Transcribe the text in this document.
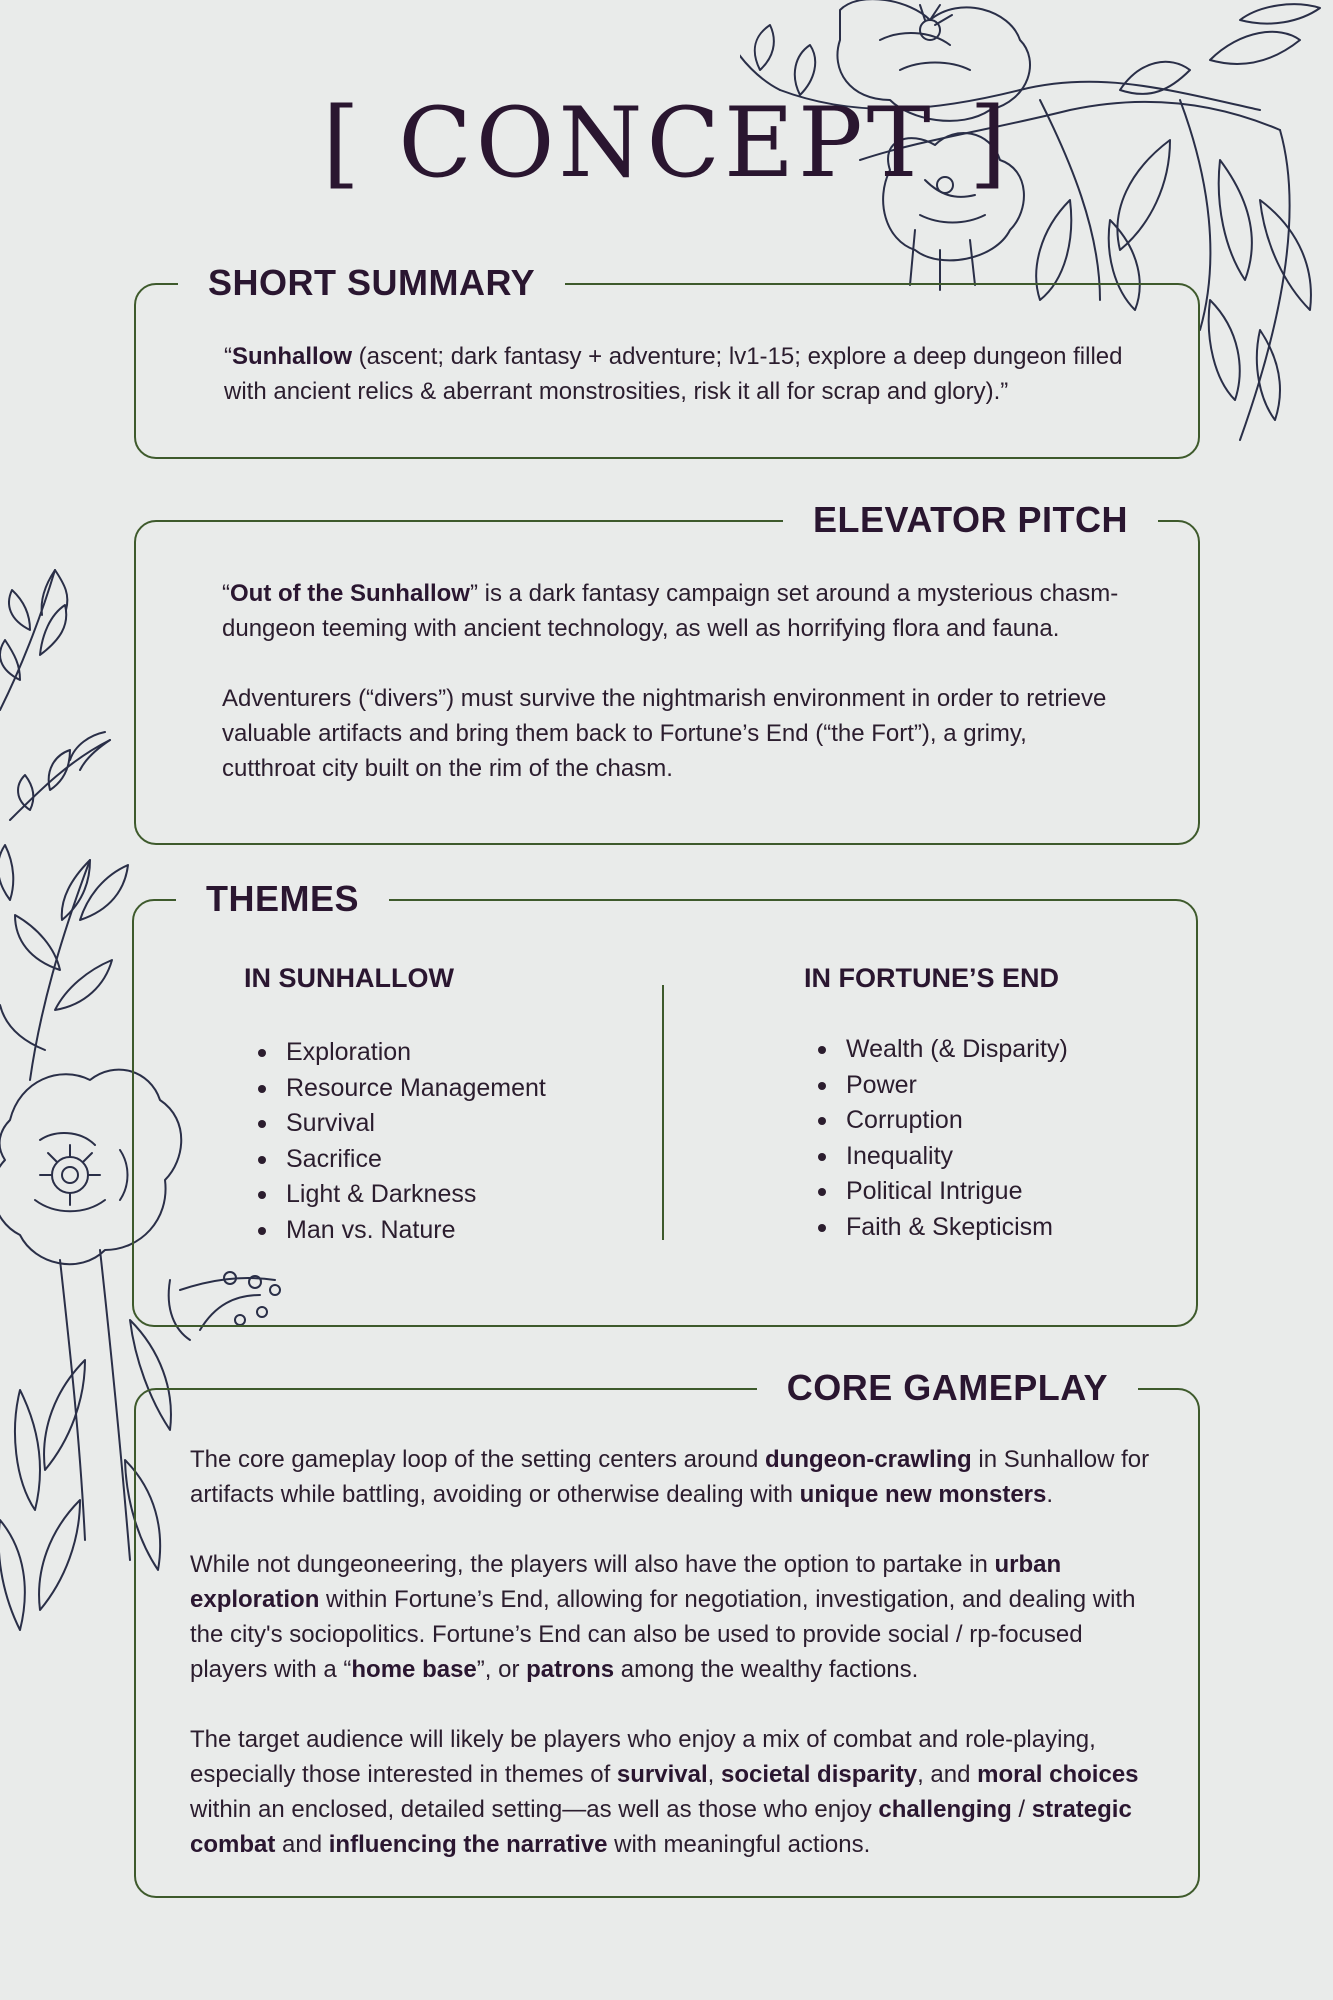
[ CONCEPT ]
SHORT SUMMARY

“Sunhallow (ascent; dark fantasy + adventure; lv1-15; explore a deep dungeon filled with ancient relics & aberrant monstrosities, risk it all for scrap and glory).”

ELEVATOR PITCH

“Out of the Sunhallow” is a dark fantasy campaign set around a mysterious chasm-dungeon teeming with ancient technology, as well as horrifying flora and fauna.

Adventurers (“divers”) must survive the nightmarish environment in order to retrieve valuable artifacts and bring them back to Fortune’s End (“the Fort”), a grimy, cutthroat city built on the rim of the chasm.

THEMES
IN SUNHALLOW
Exploration
Resource Management
Survival
Sacrifice
Light & Darkness
Man vs. Nature
IN FORTUNE’S END
Wealth (& Disparity)
Power
Corruption
Inequality
Political Intrigue
Faith & Skepticism
CORE GAMEPLAY

The core gameplay loop of the setting centers around dungeon-crawling in Sunhallow for artifacts while battling, avoiding or otherwise dealing with unique new monsters.

While not dungeoneering, the players will also have the option to partake in urban exploration within Fortune’s End, allowing for negotiation, investigation, and dealing with the city's sociopolitics. Fortune’s End can also be used to provide social / rp-focused players with a “home base”, or patrons among the wealthy factions.

The target audience will likely be players who enjoy a mix of combat and role-playing, especially those interested in themes of survival, societal disparity, and moral choices within an enclosed, detailed setting—as well as those who enjoy challenging / strategic combat and influencing the narrative with meaningful actions.
